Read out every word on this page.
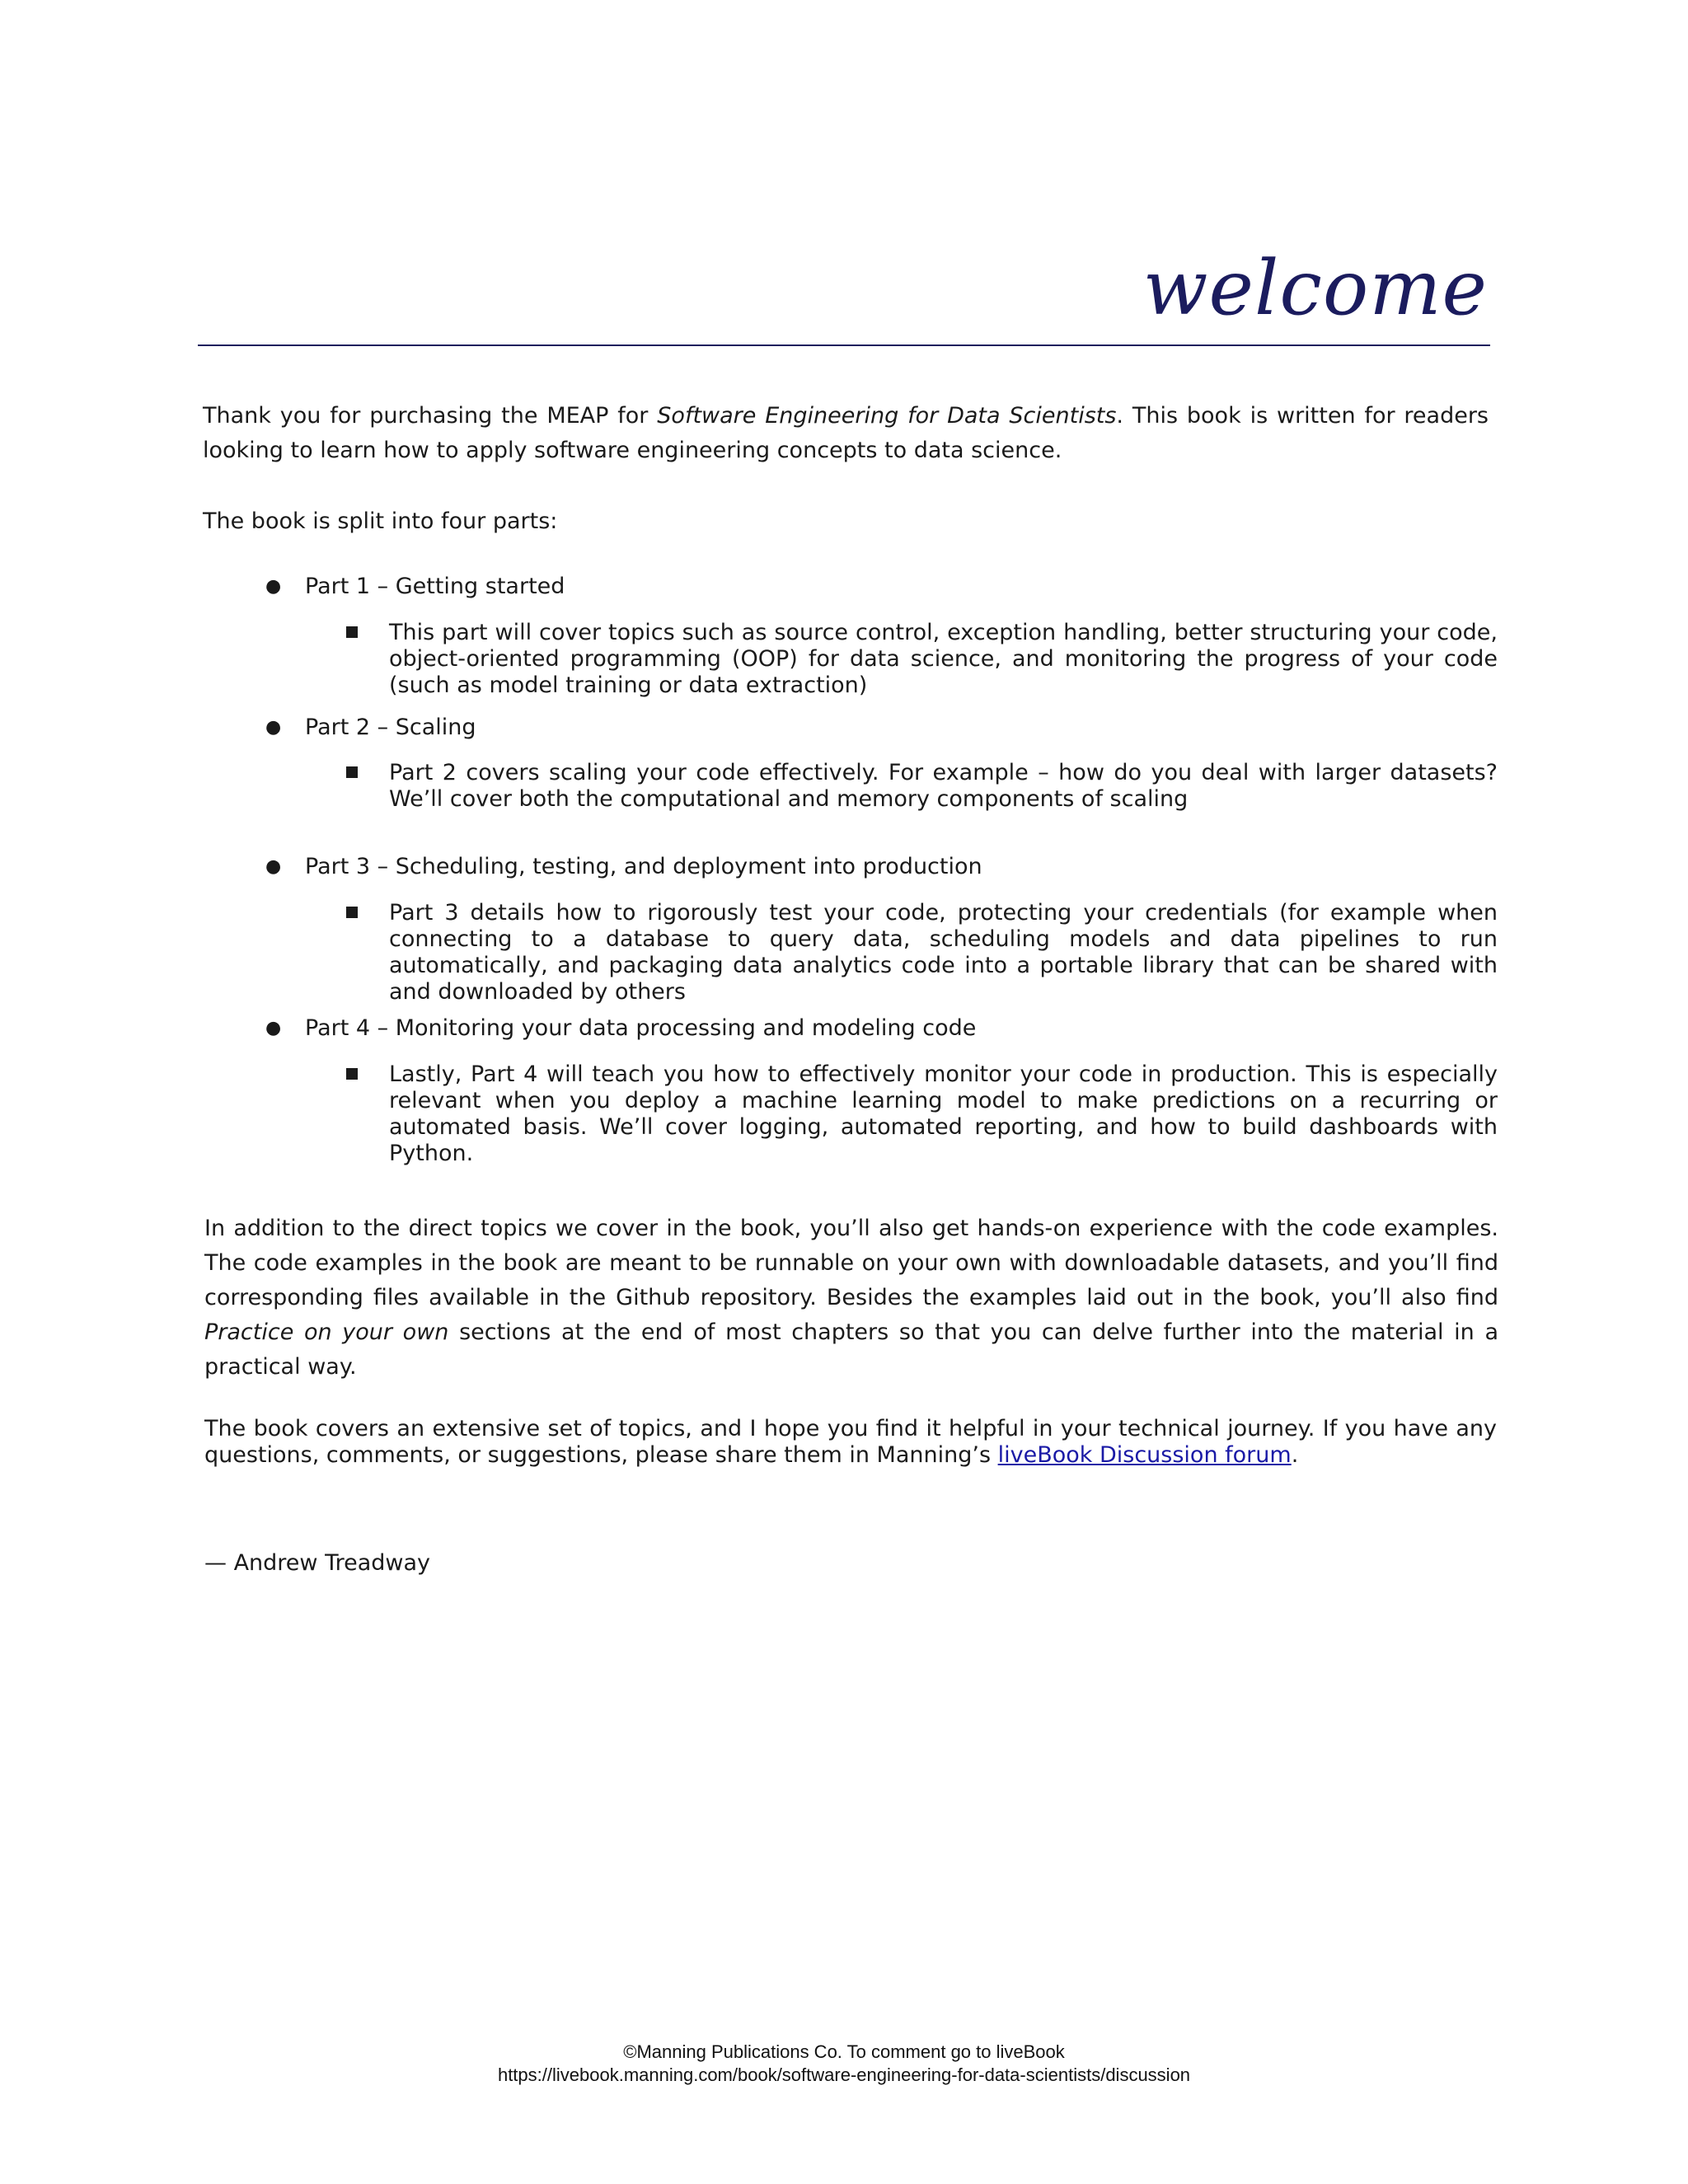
welcome

Thank you for purchasing the MEAP for Software Engineering for Data Scientists. This book is written for readers looking to learn how to apply software engineering concepts to data science.

The book is split into four parts:

● Part 1 – Getting started
This part will cover topics such as source control, exception handling, better structuring your code, object-oriented programming (OOP) for data science, and monitoring the progress of your code (such as model training or data extraction)
● Part 2 – Scaling
Part 2 covers scaling your code effectively. For example – how do you deal with larger datasets? We’ll cover both the computational and memory components of scaling
● Part 3 – Scheduling, testing, and deployment into production
Part 3 details how to rigorously test your code, protecting your credentials (for example when connecting to a database to query data, scheduling models and data pipelines to run automatically, and packaging data analytics code into a portable library that can be shared with and downloaded by others
● Part 4 – Monitoring your data processing and modeling code
Lastly, Part 4 will teach you how to effectively monitor your code in production. This is especially relevant when you deploy a machine learning model to make predictions on a recurring or automated basis. We’ll cover logging, automated reporting, and how to build dashboards with Python.

In addition to the direct topics we cover in the book, you’ll also get hands-on experience with the code examples. The code examples in the book are meant to be runnable on your own with downloadable datasets, and you’ll find corresponding files available in the Github repository. Besides the examples laid out in the book, you’ll also find Practice on your own sections at the end of most chapters so that you can delve further into the material in a practical way.

The book covers an extensive set of topics, and I hope you find it helpful in your technical journey. If you have any questions, comments, or suggestions, please share them in Manning’s liveBook Discussion forum.

— Andrew Treadway
©Manning Publications Co. To comment go to liveBook
https://livebook.manning.com/book/software-engineering-for-data-scientists/discussion
